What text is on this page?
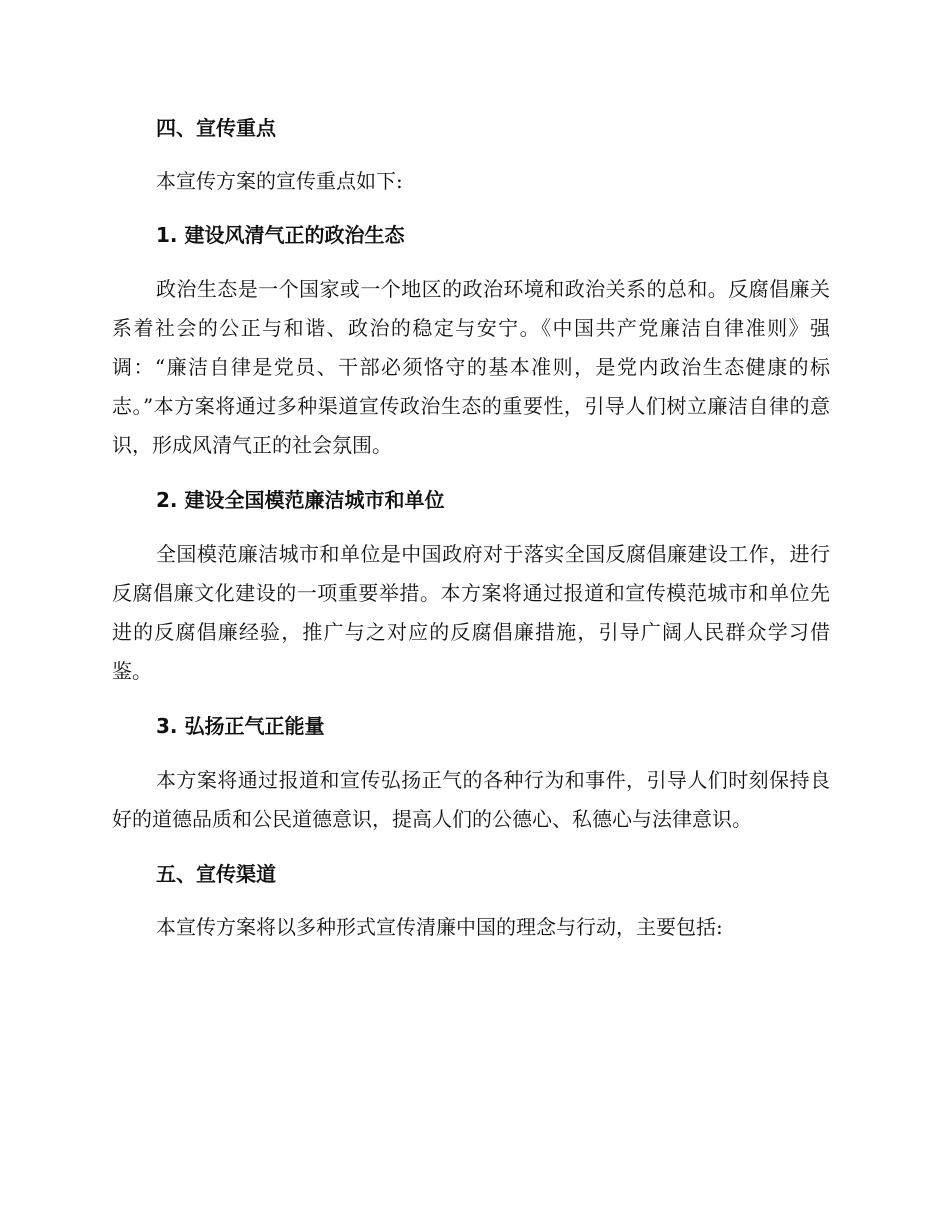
四、宣传重点

本宣传方案的宣传重点如下:

1. 建设风清气正的政治生态

政治生态是一个国家或一个地区的政治环境和政治关系的总和。反腐倡廉关系着社会的公正与和谐、政治的稳定与安宁。《中国共产党廉洁自律准则》强调：“廉洁自律是党员、干部必须恪守的基本准则，是党内政治生态健康的标志。”本方案将通过多种渠道宣传政治生态的重要性，引导人们树立廉洁自律的意识，形成风清气正的社会氛围。

2. 建设全国模范廉洁城市和单位

全国模范廉洁城市和单位是中国政府对于落实全国反腐倡廉建设工作，进行反腐倡廉文化建设的一项重要举措。本方案将通过报道和宣传模范城市和单位先进的反腐倡廉经验，推广与之对应的反腐倡廉措施，引导广阔人民群众学习借鉴。

3. 弘扬正气正能量

本方案将通过报道和宣传弘扬正气的各种行为和事件，引导人们时刻保持良好的道德品质和公民道德意识，提高人们的公德心、私德心与法律意识。

五、宣传渠道

本宣传方案将以多种形式宣传清廉中国的理念与行动，主要包括:
